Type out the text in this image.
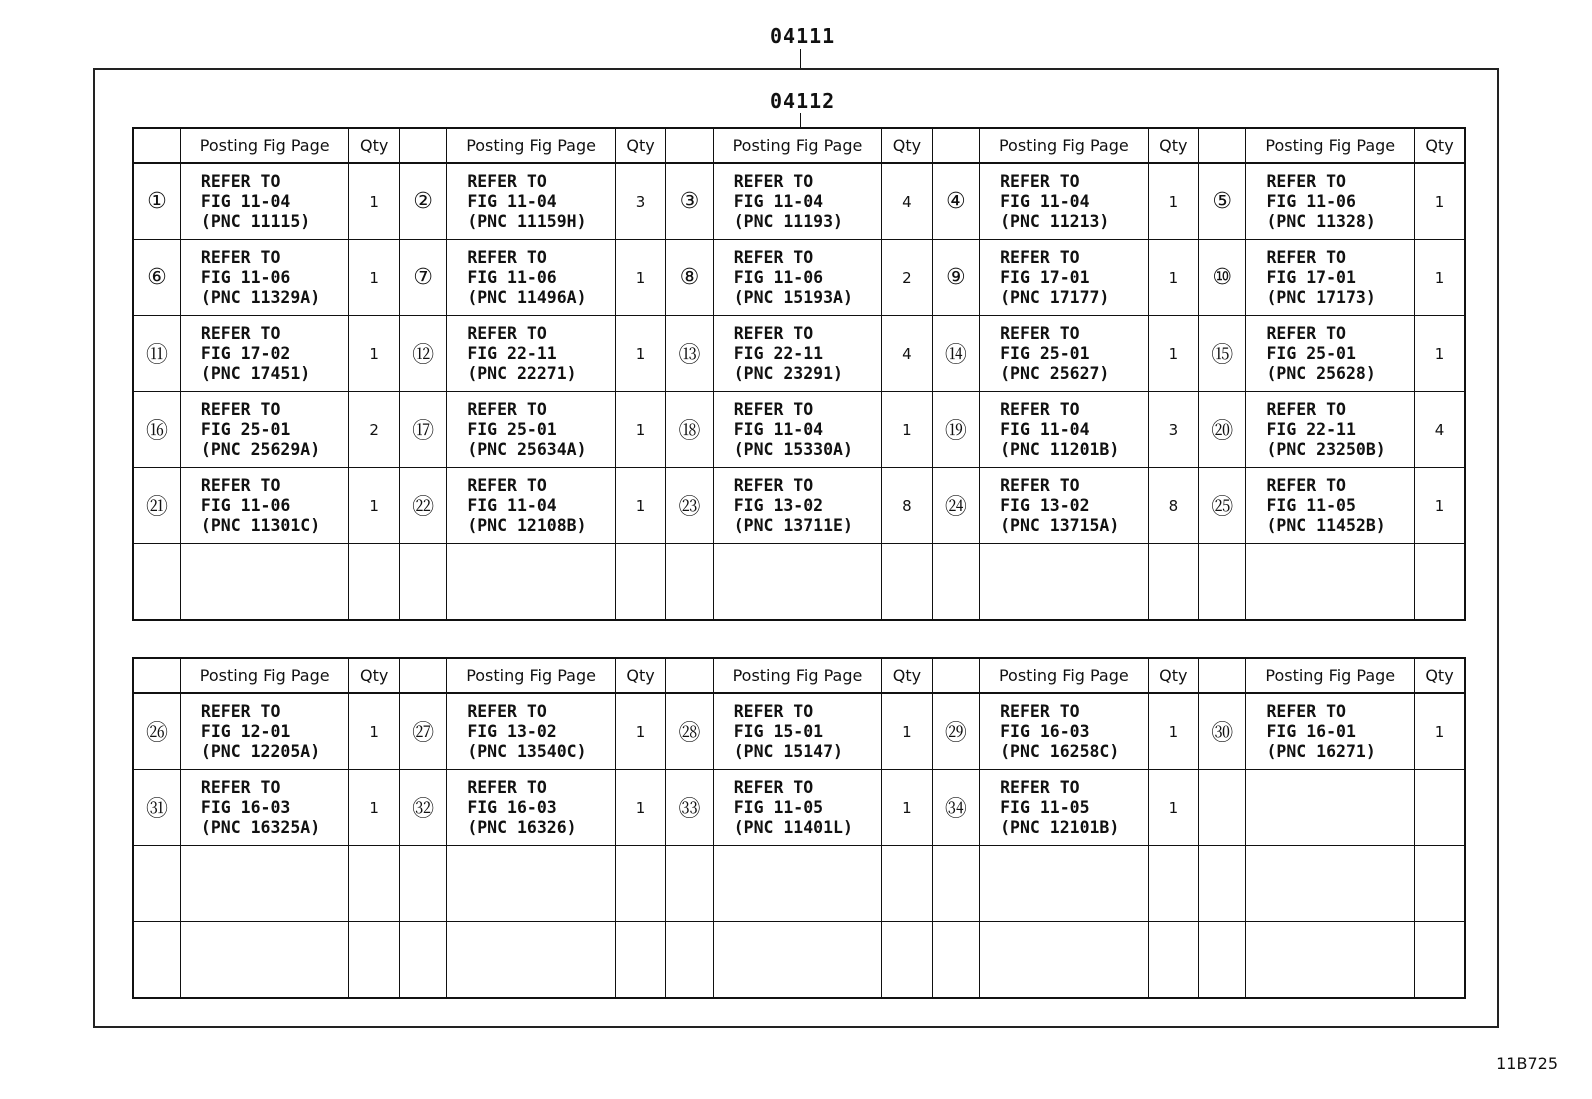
04111
04112
	Posting Fig Page	Qty		Posting Fig Page	Qty		Posting Fig Page	Qty		Posting Fig Page	Qty		Posting Fig Page	Qty
①	REFER TO
FIG 11-04
(PNC 11115)	1	②	REFER TO
FIG 11-04
(PNC 11159H)	3	③	REFER TO
FIG 11-04
(PNC 11193)	4	④	REFER TO
FIG 11-04
(PNC 11213)	1	⑤	REFER TO
FIG 11-06
(PNC 11328)	1
⑥	REFER TO
FIG 11-06
(PNC 11329A)	1	⑦	REFER TO
FIG 11-06
(PNC 11496A)	1	⑧	REFER TO
FIG 11-06
(PNC 15193A)	2	⑨	REFER TO
FIG 17-01
(PNC 17177)	1	⑩	REFER TO
FIG 17-01
(PNC 17173)	1
⑪	REFER TO
FIG 17-02
(PNC 17451)	1	⑫	REFER TO
FIG 22-11
(PNC 22271)	1	⑬	REFER TO
FIG 22-11
(PNC 23291)	4	⑭	REFER TO
FIG 25-01
(PNC 25627)	1	⑮	REFER TO
FIG 25-01
(PNC 25628)	1
⑯	REFER TO
FIG 25-01
(PNC 25629A)	2	⑰	REFER TO
FIG 25-01
(PNC 25634A)	1	⑱	REFER TO
FIG 11-04
(PNC 15330A)	1	⑲	REFER TO
FIG 11-04
(PNC 11201B)	3	⑳	REFER TO
FIG 22-11
(PNC 23250B)	4
㉑	REFER TO
FIG 11-06
(PNC 11301C)	1	㉒	REFER TO
FIG 11-04
(PNC 12108B)	1	㉓	REFER TO
FIG 13-02
(PNC 13711E)	8	㉔	REFER TO
FIG 13-02
(PNC 13715A)	8	㉕	REFER TO
FIG 11-05
(PNC 11452B)	1

	Posting Fig Page	Qty		Posting Fig Page	Qty		Posting Fig Page	Qty		Posting Fig Page	Qty		Posting Fig Page	Qty
㉖	REFER TO
FIG 12-01
(PNC 12205A)	1	㉗	REFER TO
FIG 13-02
(PNC 13540C)	1	㉘	REFER TO
FIG 15-01
(PNC 15147)	1	㉙	REFER TO
FIG 16-03
(PNC 16258C)	1	㉚	REFER TO
FIG 16-01
(PNC 16271)	1
㉛	REFER TO
FIG 16-03
(PNC 16325A)	1	㉜	REFER TO
FIG 16-03
(PNC 16326)	1	㉝	REFER TO
FIG 11-05
(PNC 11401L)	1	㉞	REFER TO
FIG 11-05
(PNC 12101B)	1			

11B725
